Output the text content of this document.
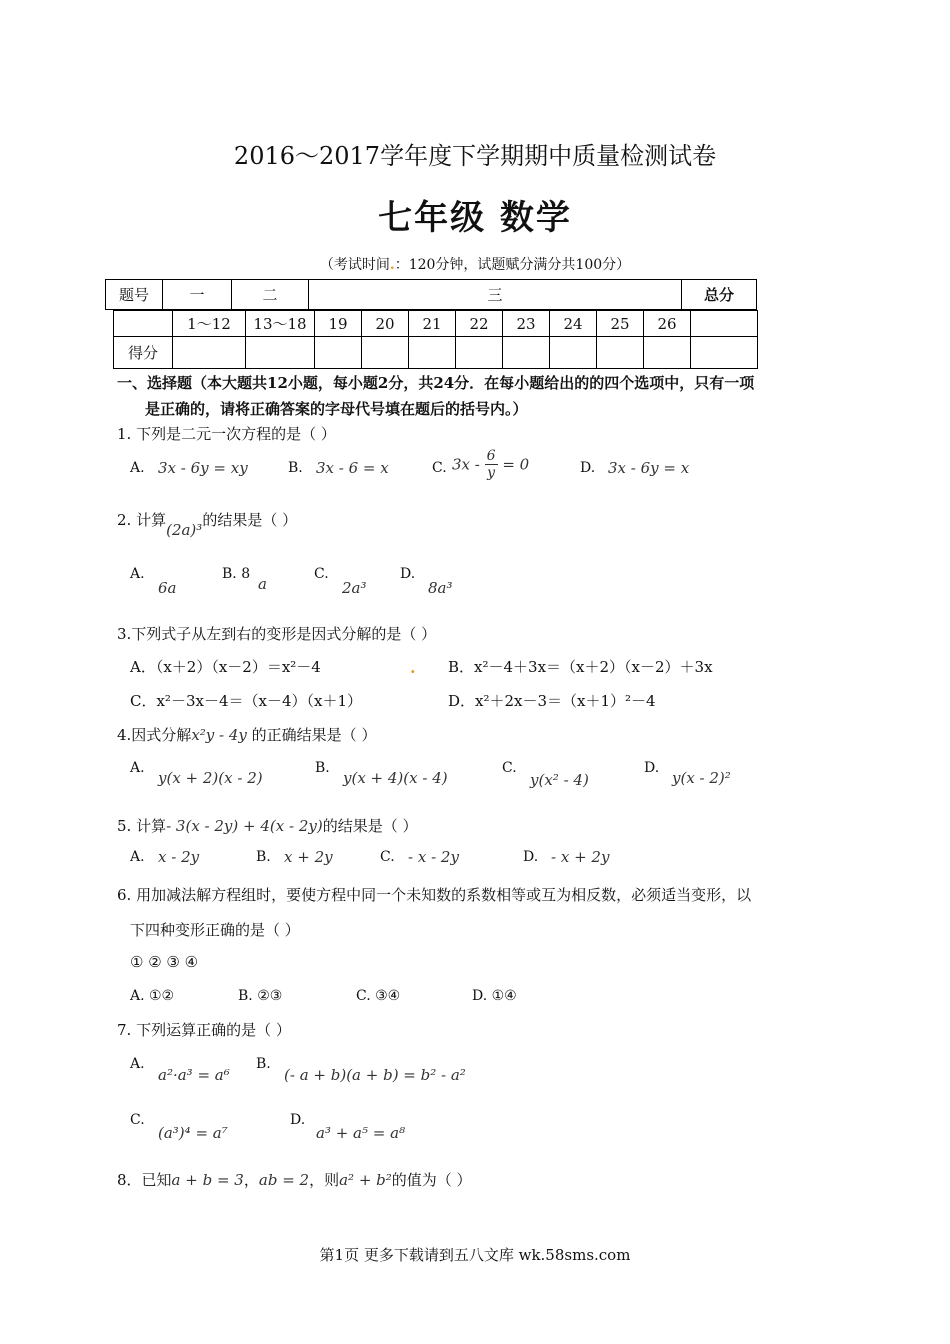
2016～2017学年度下学期期中质量检测试卷
七年级 数学
（考试时间.：120分钟，试题赋分满分共100分）
题号	一	二	三	总分
	1～12	13～18	19	20	21	22	23	24	25	26	
得分											
一、选择题（本大题共12小题，每小题2分，共24分．在每小题给出的的四个选项中，只有一项
是正确的，请将正确答案的字母代号填在题后的括号内。）
1. 下列是二元一次方程的是（ ）
A. 3x - 6y = xy	B. 3x - 6 = x	C. $3x - \frac{6}{y} = 0$	D. 3x - 6y = x
2. 计算(2a)³的结果是（ ）
A.
6a
B. 8
a
C.
2a³
D.
8a³
3.下列式子从左到右的变形是因式分解的是（ ）
A．（x＋2）（x－2）＝x²－4	. B．x²－4＋3x＝（x＋2）（x－2）＋3x
C．x²－3x－4＝（x－4）（x＋1）	D．x²＋2x－3＝（x＋1）²－4
4.因式分解x²y - 4y 的正确结果是（ ）
A.
y(x + 2)(x - 2)
B.
y(x + 4)(x - 4)
C.
y(x² - 4)
D.
y(x - 2)²
5. 计算- 3(x - 2y) + 4(x - 2y)的结果是（ ）
A. x - 2y	B. x + 2y	C. - x - 2y	D. - x + 2y
6. 用加减法解方程组时，要使方程中同一个未知数的系数相等或互为相反数，必须适当变形，以
下四种变形正确的是（ ）
① ② ③ ④
A. ①②	B. ②③	C. ③④	D. ①④
7. 下列运算正确的是（ ）
A.
a²·a³ = a⁶
B.
(- a + b)(a + b) = b² - a²
C.
(a³)⁴ = a⁷
D.
a³ + a⁵ = a⁸
8．已知a + b = 3，ab = 2，则a² + b²的值为（ ）
第1页 更多下载请到五八文库 wk.58sms.com
